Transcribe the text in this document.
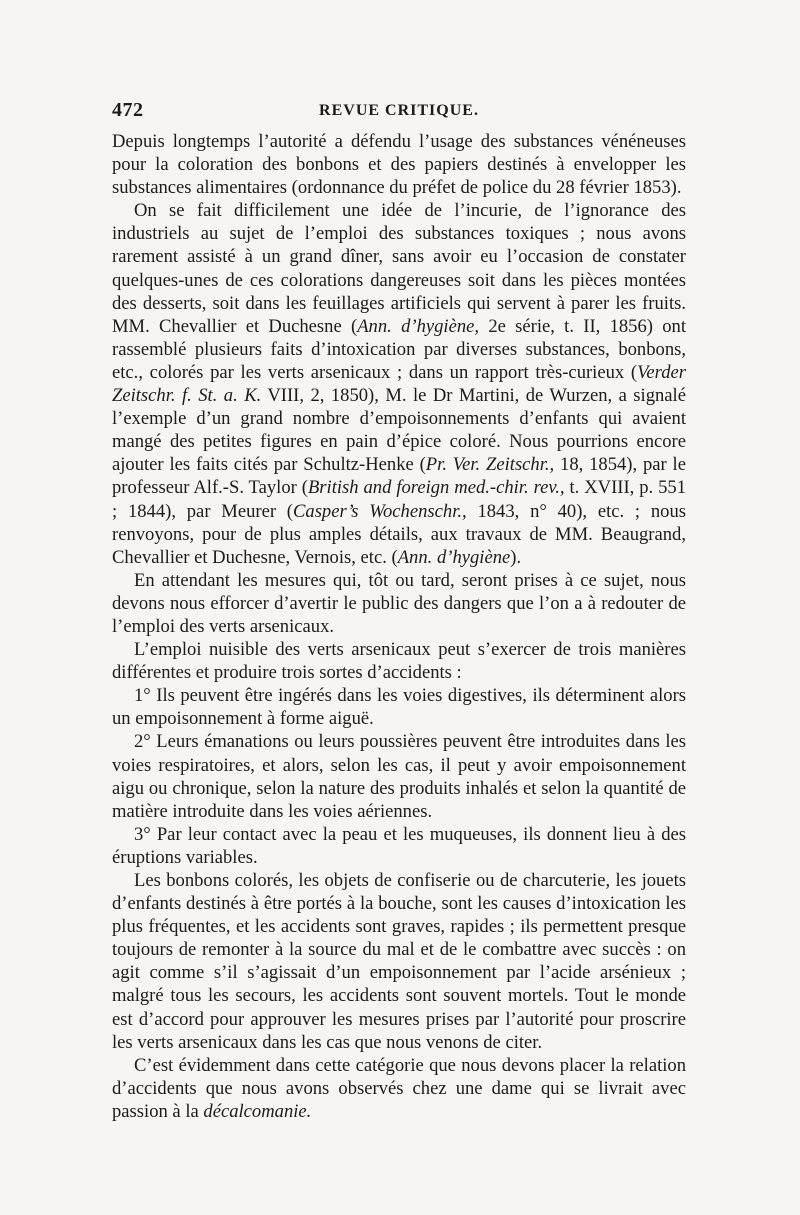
472	REVUE CRITIQUE.

Depuis longtemps l’autorité a défendu l’usage des substances vénéneuses pour la coloration des bonbons et des papiers destinés à envelopper les substances alimentaires (ordonnance du préfet de police du 28 février 1853).

On se fait difficilement une idée de l’incurie, de l’ignorance des industriels au sujet de l’emploi des substances toxiques ; nous avons rarement assisté à un grand dîner, sans avoir eu l’occasion de constater quelques-unes de ces colorations dangereuses soit dans les pièces montées des desserts, soit dans les feuillages artificiels qui servent à parer les fruits. MM. Chevallier et Duchesne (Ann. d’hygiène, 2e série, t. II, 1856) ont rassemblé plusieurs faits d’intoxication par diverses substances, bonbons, etc., colorés par les verts arsenicaux ; dans un rapport très-curieux (Verder Zeitschr. f. St. a. K. VIII, 2, 1850), M. le Dr Martini, de Wurzen, a signalé l’exemple d’un grand nombre d’empoisonnements d’enfants qui avaient mangé des petites figures en pain d’épice coloré. Nous pourrions encore ajouter les faits cités par Schultz-Henke (Pr. Ver. Zeitschr., 18, 1854), par le professeur Alf.-S. Taylor (British and foreign med.-chir. rev., t. XVIII, p. 551 ; 1844), par Meurer (Casper’s Wochenschr., 1843, n° 40), etc. ; nous renvoyons, pour de plus amples détails, aux travaux de MM. Beaugrand, Chevallier et Duchesne, Vernois, etc. (Ann. d’hygiène).

En attendant les mesures qui, tôt ou tard, seront prises à ce sujet, nous devons nous efforcer d’avertir le public des dangers que l’on a à redouter de l’emploi des verts arsenicaux.

L’emploi nuisible des verts arsenicaux peut s’exercer de trois manières différentes et produire trois sortes d’accidents :

1° Ils peuvent être ingérés dans les voies digestives, ils déterminent alors un empoisonnement à forme aiguë.

2° Leurs émanations ou leurs poussières peuvent être introduites dans les voies respiratoires, et alors, selon les cas, il peut y avoir empoisonnement aigu ou chronique, selon la nature des produits inhalés et selon la quantité de matière introduite dans les voies aériennes.

3° Par leur contact avec la peau et les muqueuses, ils donnent lieu à des éruptions variables.

Les bonbons colorés, les objets de confiserie ou de charcuterie, les jouets d’enfants destinés à être portés à la bouche, sont les causes d’intoxication les plus fréquentes, et les accidents sont graves, rapides ; ils permettent presque toujours de remonter à la source du mal et de le combattre avec succès : on agit comme s’il s’agissait d’un empoisonnement par l’acide arsénieux ; malgré tous les secours, les accidents sont souvent mortels. Tout le monde est d’accord pour approuver les mesures prises par l’autorité pour proscrire les verts arsenicaux dans les cas que nous venons de citer.

C’est évidemment dans cette catégorie que nous devons placer la relation d’accidents que nous avons observés chez une dame qui se livrait avec passion à la décalcomanie.
